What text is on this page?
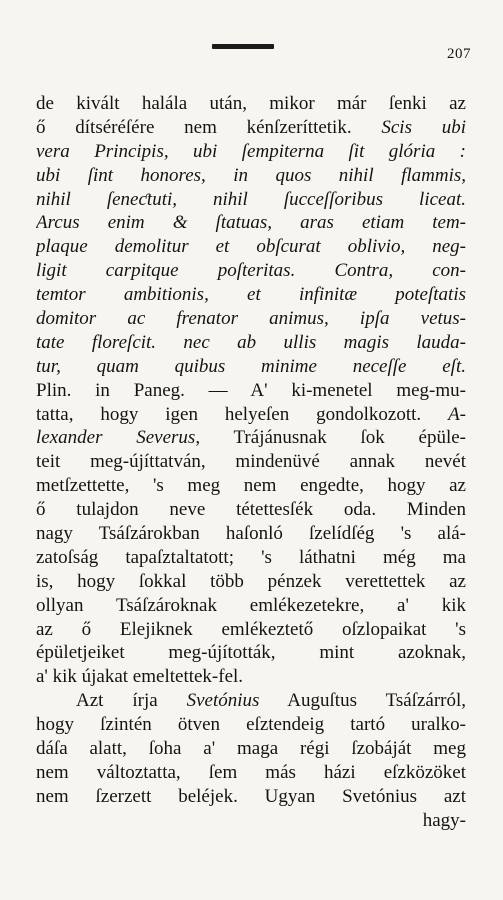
207
de kivált halála után, mikor már ſenki az
ő dítséréſére nem kénſzeríttetik. Scis ubi
vera Principis, ubi ſempiterna ſit glória :
ubi ſint honores, in quos nihil flammis,
nihil ſeneƈtuti, nihil ſucceſſoribus liceat.
Arcus enim & ſtatuas, aras etiam tem-
plaque demolitur et obſcurat oblivio, neg-
ligit carpitque poſteritas. Contra, con-
temtor ambitionis, et infinitæ poteſtatis
domitor ac frenator animus, ipſa vetus-
tate floreſcit. nec ab ullis magis lauda-
tur, quam quibus minime neceſſe eſt.
Plin. in Paneg. — A' ki-menetel meg-mu-
tatta, hogy igen helyeſen gondolkozott. A-
lexander Severus, Trájánusnak ſok épüle-
teit meg-újíttatván, mindenüvé annak nevét
metſzettette, 's meg nem engedte, hogy az
ő tulajdon neve tétettesſék oda. Minden
nagy Tsáſzárokban haſonló ſzelídſég 's alá-
zatoſság tapaſztaltatott; 's láthatni még ma
is, hogy ſokkal több pénzek verettettek az
ollyan Tsáſzároknak emlékezetekre, a' kik
az ő Elejiknek emlékeztető oſzlopaikat 's
épületjeiket meg-újították, mint azoknak,
a' kik újakat emeltettek-fel.
Azt írja Svetónius Auguſtus Tsáſzárról,
hogy ſzintén ötven eſztendeig tartó uralko-
dáſa alatt, ſoha a' maga régi ſzobáját meg
nem változtatta, ſem más házi eſzközöket
nem ſzerzett beléjek. Ugyan Svetónius azt
hagy-
